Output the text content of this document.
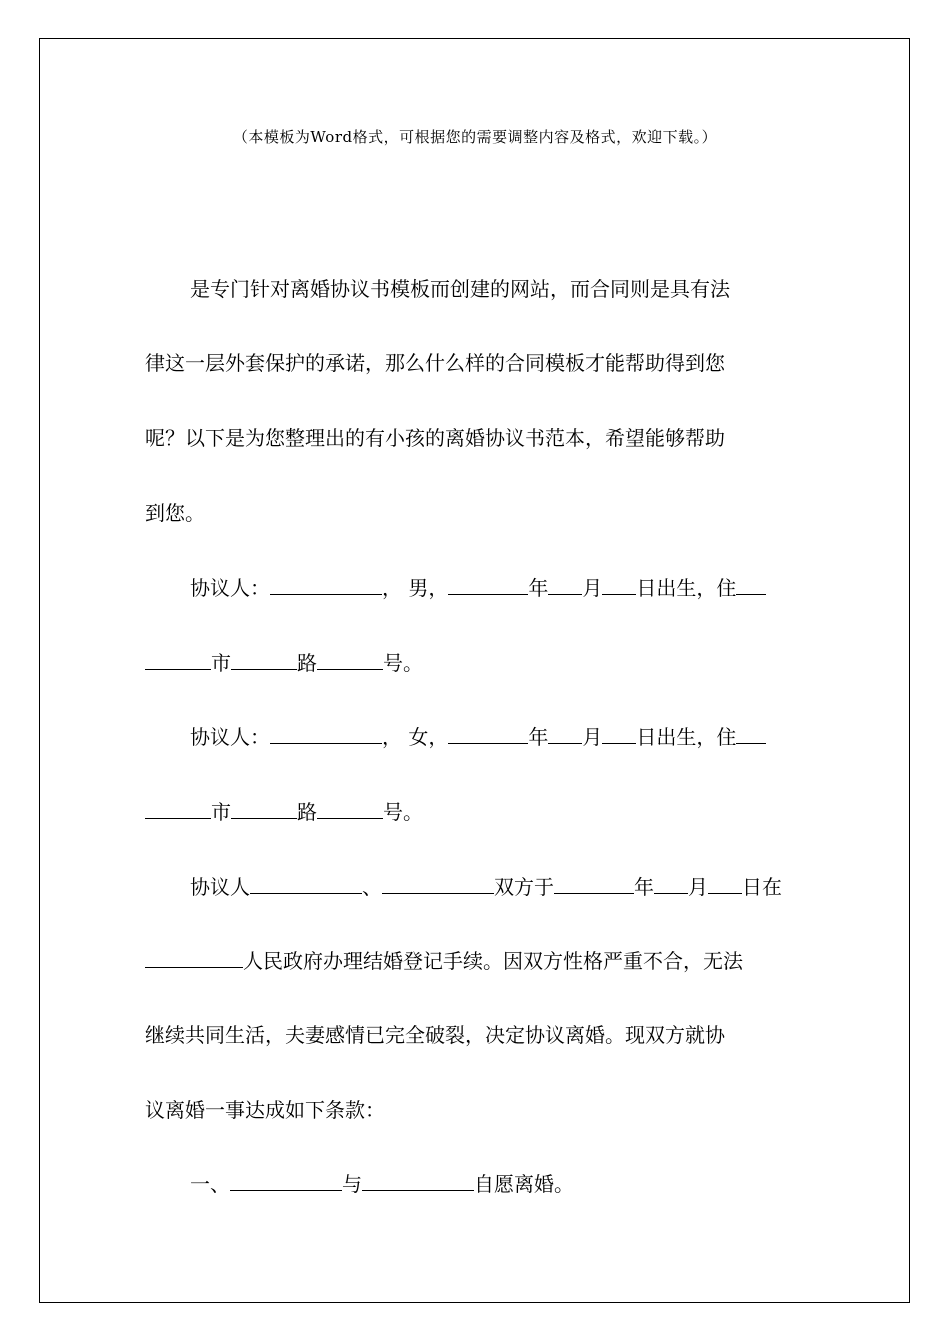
（本模板为Word格式，可根据您的需要调整内容及格式，欢迎下载。）
是专门针对离婚协议书模板而创建的网站，而合同则是具有法
律这一层外套保护的承诺，那么什么样的合同模板才能帮助得到您
呢？以下是为您整理出的有小孩的离婚协议书范本，希望能够帮助
到您。
协议人：	， 男，	年 月 日出生，住
市	路	号。
协议人：	， 女，	年 月 日出生，住
市	路	号。
协议人	、	双方于	年 月 日在
人民政府办理结婚登记手续。因双方性格严重不合，无法
继续共同生活，夫妻感情已完全破裂，决定协议离婚。现双方就协
议离婚一事达成如下条款：
一、	与	自愿离婚。
